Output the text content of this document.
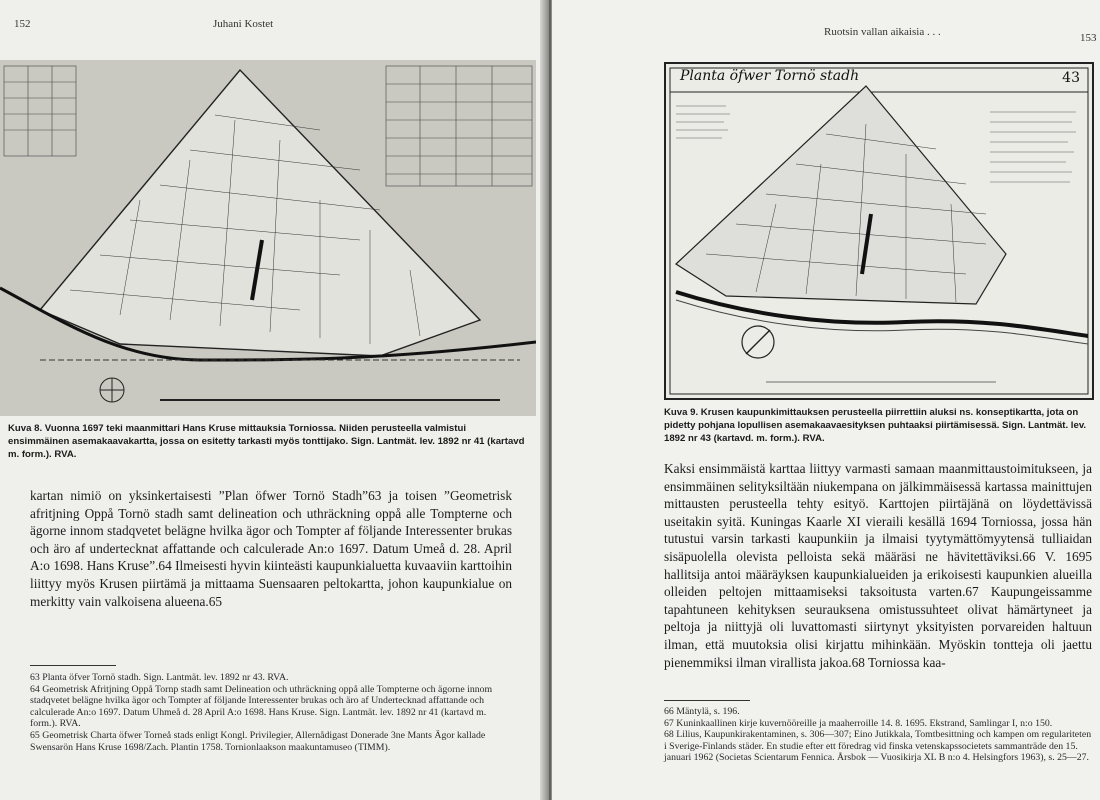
152	Juhani Kostet
Kuva 8. Vuonna 1697 teki maanmittari Hans Kruse mittauksia Torniossa. Niiden perusteella valmistui ensimmäinen asemakaavakartta, jossa on esitetty tarkasti myös tonttijako. Sign. Lantmät. lev. 1892 nr 41 (kartavd m. form.). RVA.
kartan nimiö on yksinkertaisesti ”Plan öfwer Tornö Stadh”63 ja toisen ”Geometrisk afritjning Oppå Tornö stadh samt delineation och uthräckning oppå alle Tompterne och ägorne innom stadqvetet belägne hvilka ägor och Tompter af följande Interessenter brukas och äro af undertecknat affattande och calculerade An:o 1697. Datum Umeå d. 28. April A:o 1698. Hans Kruse”.64 Ilmeisesti hyvin kiinteästi kaupunkialuetta kuvaaviin karttoihin liittyy myös Krusen piirtämä ja mittaama Suensaaren peltokartta, johon kaupunkialue on merkitty vain valkoisena alueena.65
63 Planta öfver Tornö stadh. Sign. Lantmät. lev. 1892 nr 43. RVA.
64 Geometrisk Afritjning Oppå Tornp stadh samt Delineation och uthräckning oppå alle Tompterne och ägorne innom stadqvetet belägne hvilka ägor och Tompter af följande Interessenter brukas och äro af Undertecknad affattande och calculerade An:o 1697. Datum Uhmeå d. 28 April A:o 1698. Hans Kruse. Sign. Lantmät. lev. 1892 nr 41 (kartavd m. form.). RVA.
65 Geometrisk Charta öfwer Torneå stads enligt Kongl. Privilegier, Allernådigast Donerade 3ne Mants Ägor kallade Swensarön Hans Kruse 1698/Zach. Plantin 1758. Tornionlaakson maakuntamuseo (TIMM).
Ruotsin vallan aikaisia . . .	153
Planta öfwer Tornö stadh	43
Kuva 9. Krusen kaupunkimittauksen perusteella piirrettiin aluksi ns. konseptikartta, jota on pidetty pohjana lopullisen asemakaavaesityksen puhtaaksi piirtämisessä. Sign. Lantmät. lev. 1892 nr 43 (kartavd. m. form.). RVA.
Kaksi ensimmäistä karttaa liittyy varmasti samaan maanmittaustoimitukseen, ja ensimmäinen selityksiltään niukempana on jälkimmäisessä kartassa mainittujen mittausten perusteella tehty esityö. Karttojen piirtäjänä on löydettävissä useitakin syitä. Kuningas Kaarle XI vieraili kesällä 1694 Torniossa, jossa hän tutustui varsin tarkasti kaupunkiin ja ilmaisi tyytymättömyytensä tulliaidan sisäpuolella olevista pelloista sekä määräsi ne hävitettäviksi.66 V. 1695 hallitsija antoi määräyksen kaupunkialueiden ja erikoisesti kaupunkien alueilla olleiden peltojen mittaamiseksi taksoitusta varten.67 Kaupungeissamme tapahtuneen kehityksen seurauksena omistussuhteet olivat hämärtyneet ja peltoja ja niittyjä oli luvattomasti siirtynyt yksityisten porvareiden haltuun ilman, että muutoksia olisi kirjattu mihinkään. Myöskin tontteja oli jaettu pienemmiksi ilman virallista jakoa.68 Torniossa kaa-
66 Mäntylä, s. 196.
67 Kuninkaallinen kirje kuvernööreille ja maaherroille 14. 8. 1695. Ekstrand, Samlingar I, n:o 150.
68 Lilius, Kaupunkirakentaminen, s. 306—307; Eino Jutikkala, Tomtbesittning och kampen om regulariteten i Sverige-Finlands städer. En studie efter ett föredrag vid finska vetenskapssocietets sammanträde den 15. januari 1962 (Societas Scientarum Fennica. Årsbok — Vuosikirja XL B n:o 4. Helsingfors 1963), s. 25—27.
